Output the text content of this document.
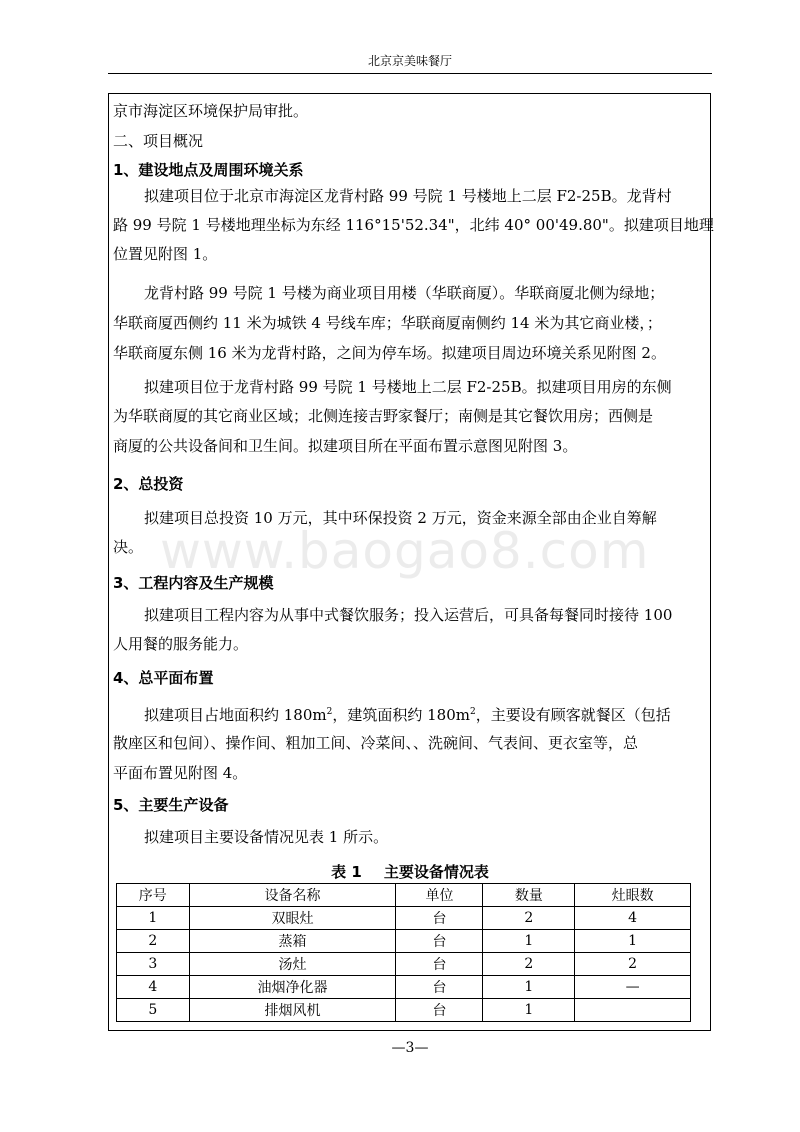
北京京美味餐厅
www.baogao8.com
京市海淀区环境保护局审批。
二、项目概况
1、建设地点及周围环境关系
拟建项目位于北京市海淀区龙背村路 99 号院 1 号楼地上二层 F2-25B。龙背村
路 99 号院 1 号楼地理坐标为东经 116°15'52.34"，北纬 40° 00'49.80"。拟建项目地理
位置见附图 1。
龙背村路 99 号院 1 号楼为商业项目用楼（华联商厦）。华联商厦北侧为绿地；
华联商厦西侧约 11 米为城铁 4 号线车库；华联商厦南侧约 14 米为其它商业楼，；
华联商厦东侧 16 米为龙背村路，之间为停车场。拟建项目周边环境关系见附图 2。
拟建项目位于龙背村路 99 号院 1 号楼地上二层 F2-25B。拟建项目用房的东侧
为华联商厦的其它商业区域；北侧连接吉野家餐厅；南侧是其它餐饮用房；西侧是
商厦的公共设备间和卫生间。拟建项目所在平面布置示意图见附图 3。
2、总投资
拟建项目总投资 10 万元，其中环保投资 2 万元，资金来源全部由企业自筹解
决。
3、工程内容及生产规模
拟建项目工程内容为从事中式餐饮服务；投入运营后，可具备每餐同时接待 100
人用餐的服务能力。
4、总平面布置
拟建项目占地面积约 $180m^2$，建筑面积约 $180m^2$，主要设有顾客就餐区（包括
散座区和包间）、操作间、粗加工间、冷菜间、、洗碗间、气表间、更衣室等，总
平面布置见附图 4。
5、主要生产设备
拟建项目主要设备情况见表 1 所示。
表 1 主要设备情况表
序号	设备名称	单位	数量	灶眼数
1	双眼灶	台	2	4
2	蒸箱	台	1	1
3	汤灶	台	2	2
4	油烟净化器	台	1	—
5	排烟风机	台	1	
—3—
